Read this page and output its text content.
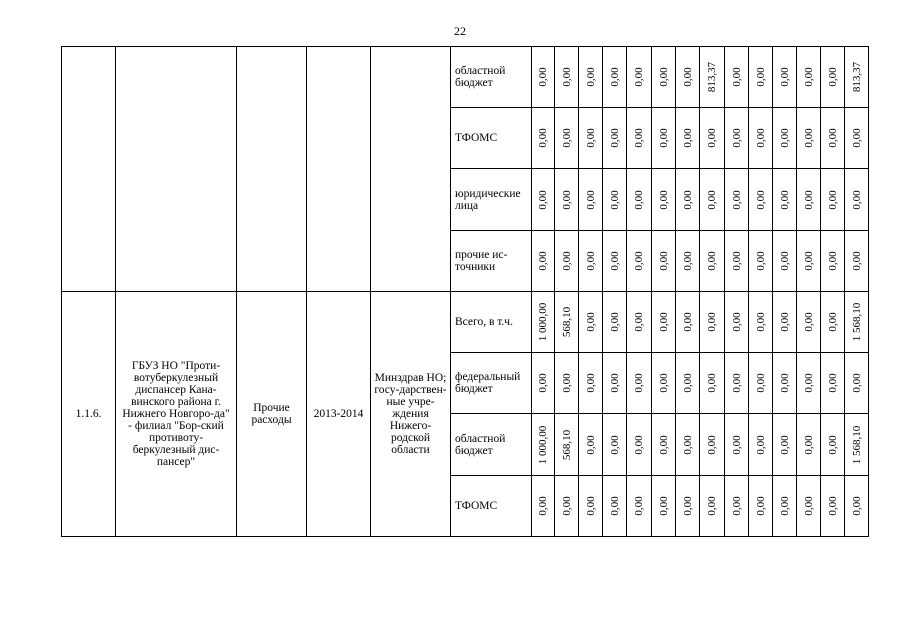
22
					областной бюджет	0,00	0,00	0,00	0,00	0,00	0,00	0,00	813,37	0,00	0,00	0,00	0,00	0,00	813,37

					ТФОМС	0,00	0,00	0,00	0,00	0,00	0,00	0,00	0,00	0,00	0,00	0,00	0,00	0,00	0,00

					юридические лица	0,00	0,00	0,00	0,00	0,00	0,00	0,00	0,00	0,00	0,00	0,00	0,00	0,00	0,00

					прочие ис-точники	0,00	0,00	0,00	0,00	0,00	0,00	0,00	0,00	0,00	0,00	0,00	0,00	0,00	0,00

1.1.6.	ГБУЗ НО "Проти-вотуберкулезный диспансер Кана-винского района г. Нижнего Новгоро-да" - филиал "Бор-ский противоту-беркулезный дис-пансер"	Прочие расходы	2013-2014	Минздрав НО; госу-дарствен-ные учре-ждения Нижего-родской области	Всего, в т.ч.	1 000,00	568,10	0,00	0,00	0,00	0,00	0,00	0,00	0,00	0,00	0,00	0,00	0,00	1 568,10

					федеральный бюджет	0,00	0,00	0,00	0,00	0,00	0,00	0,00	0,00	0,00	0,00	0,00	0,00	0,00	0,00

					областной бюджет	1 000,00	568,10	0,00	0,00	0,00	0,00	0,00	0,00	0,00	0,00	0,00	0,00	0,00	1 568,10

					ТФОМС	0,00	0,00	0,00	0,00	0,00	0,00	0,00	0,00	0,00	0,00	0,00	0,00	0,00	0,00
